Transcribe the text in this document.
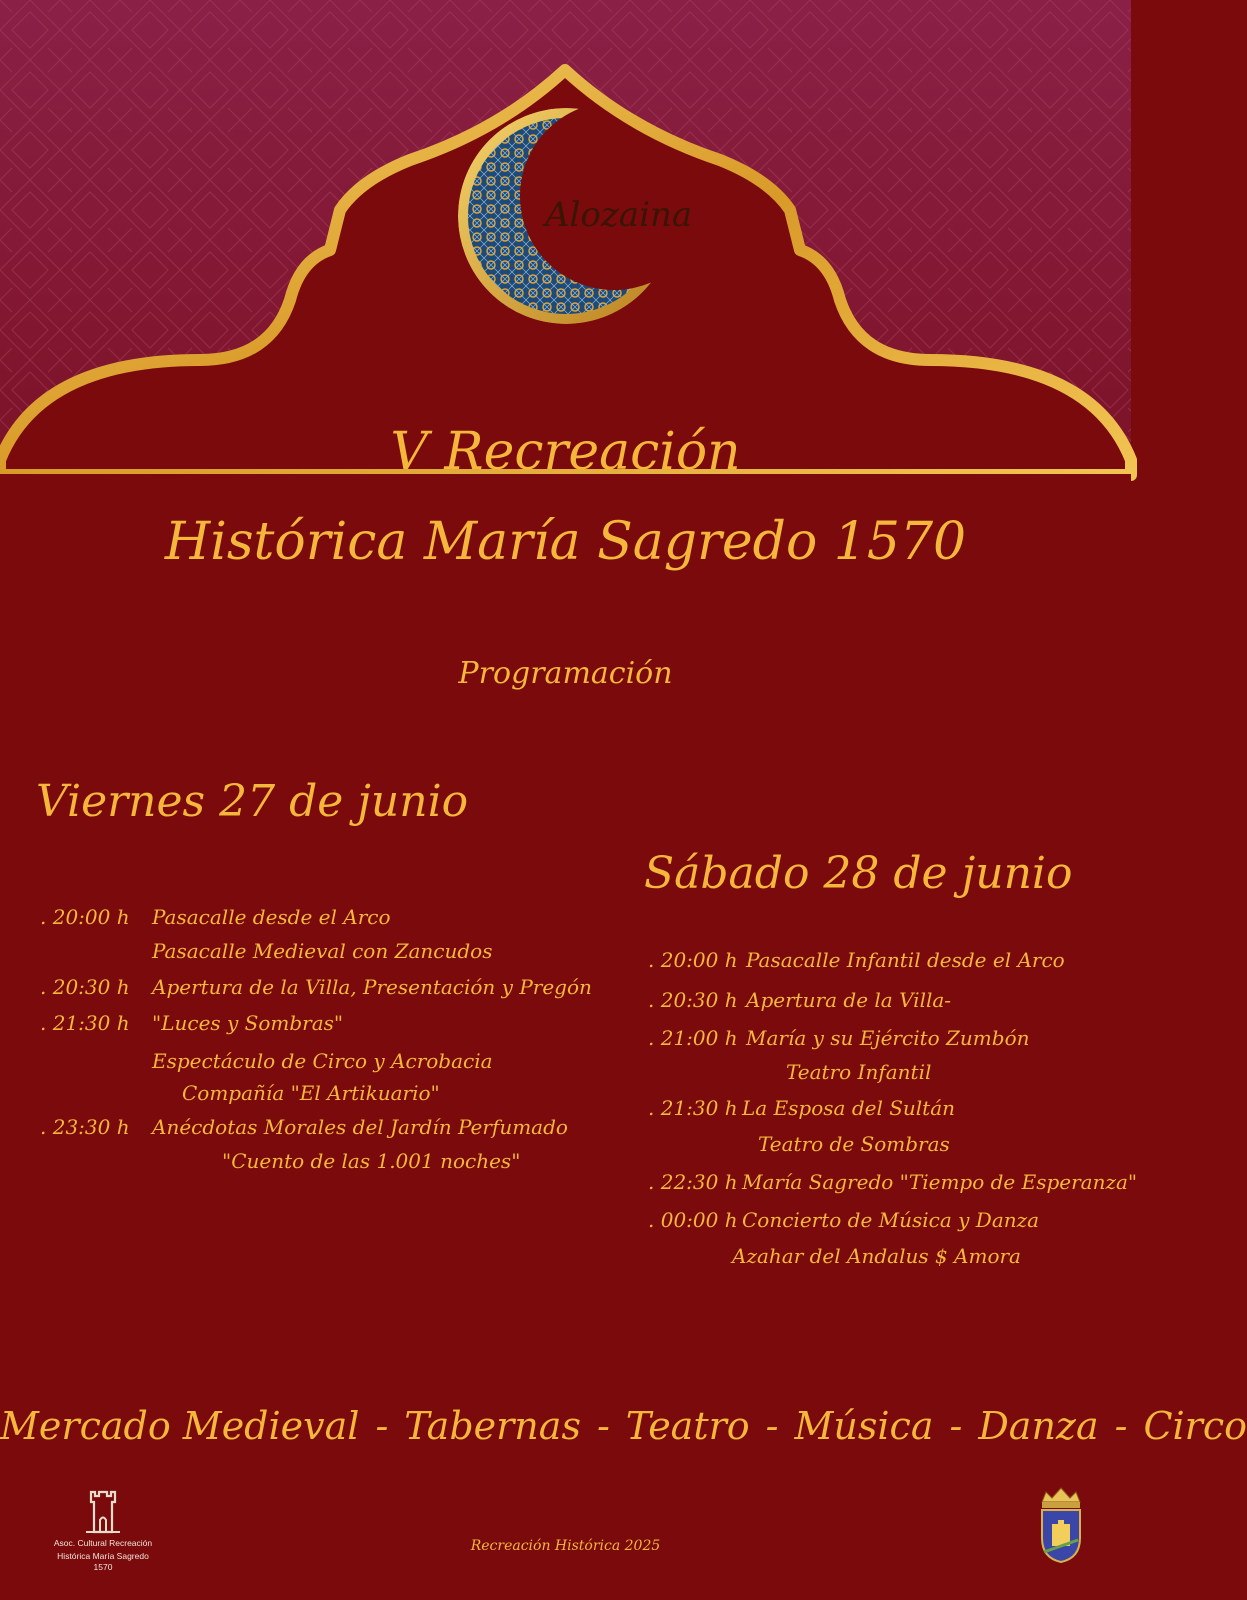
Alozaina
V Recreación
Histórica María Sagredo 1570
Programación
Viernes 27 de junio
Sábado 28 de junio
. 20:00 h Pasacalle desde el Arco
Pasacalle Medieval con Zancudos
. 20:30 h Apertura de la Villa, Presentación y Pregón
. 21:30 h "Luces y Sombras"
Espectáculo de Circo y Acrobacia
Compañía "El Artikuario"
. 23:30 h Anécdotas Morales del Jardín Perfumado
"Cuento de las 1.001 noches"
. 20:00 h Pasacalle Infantil desde el Arco
. 20:30 h Apertura de la Villa-
. 21:00 h María y su Ejército Zumbón
Teatro Infantil
. 21:30 h La Esposa del Sultán
Teatro de Sombras
. 22:30 h María Sagredo "Tiempo de Esperanza"
. 00:00 h Concierto de Música y Danza
Azahar del Andalus $ Amora
Mercado Medieval - Tabernas - Teatro - Música - Danza - Circo
Asoc. Cultural Recreación
Histórica María Sagredo 1570
Recreación Histórica 2025
